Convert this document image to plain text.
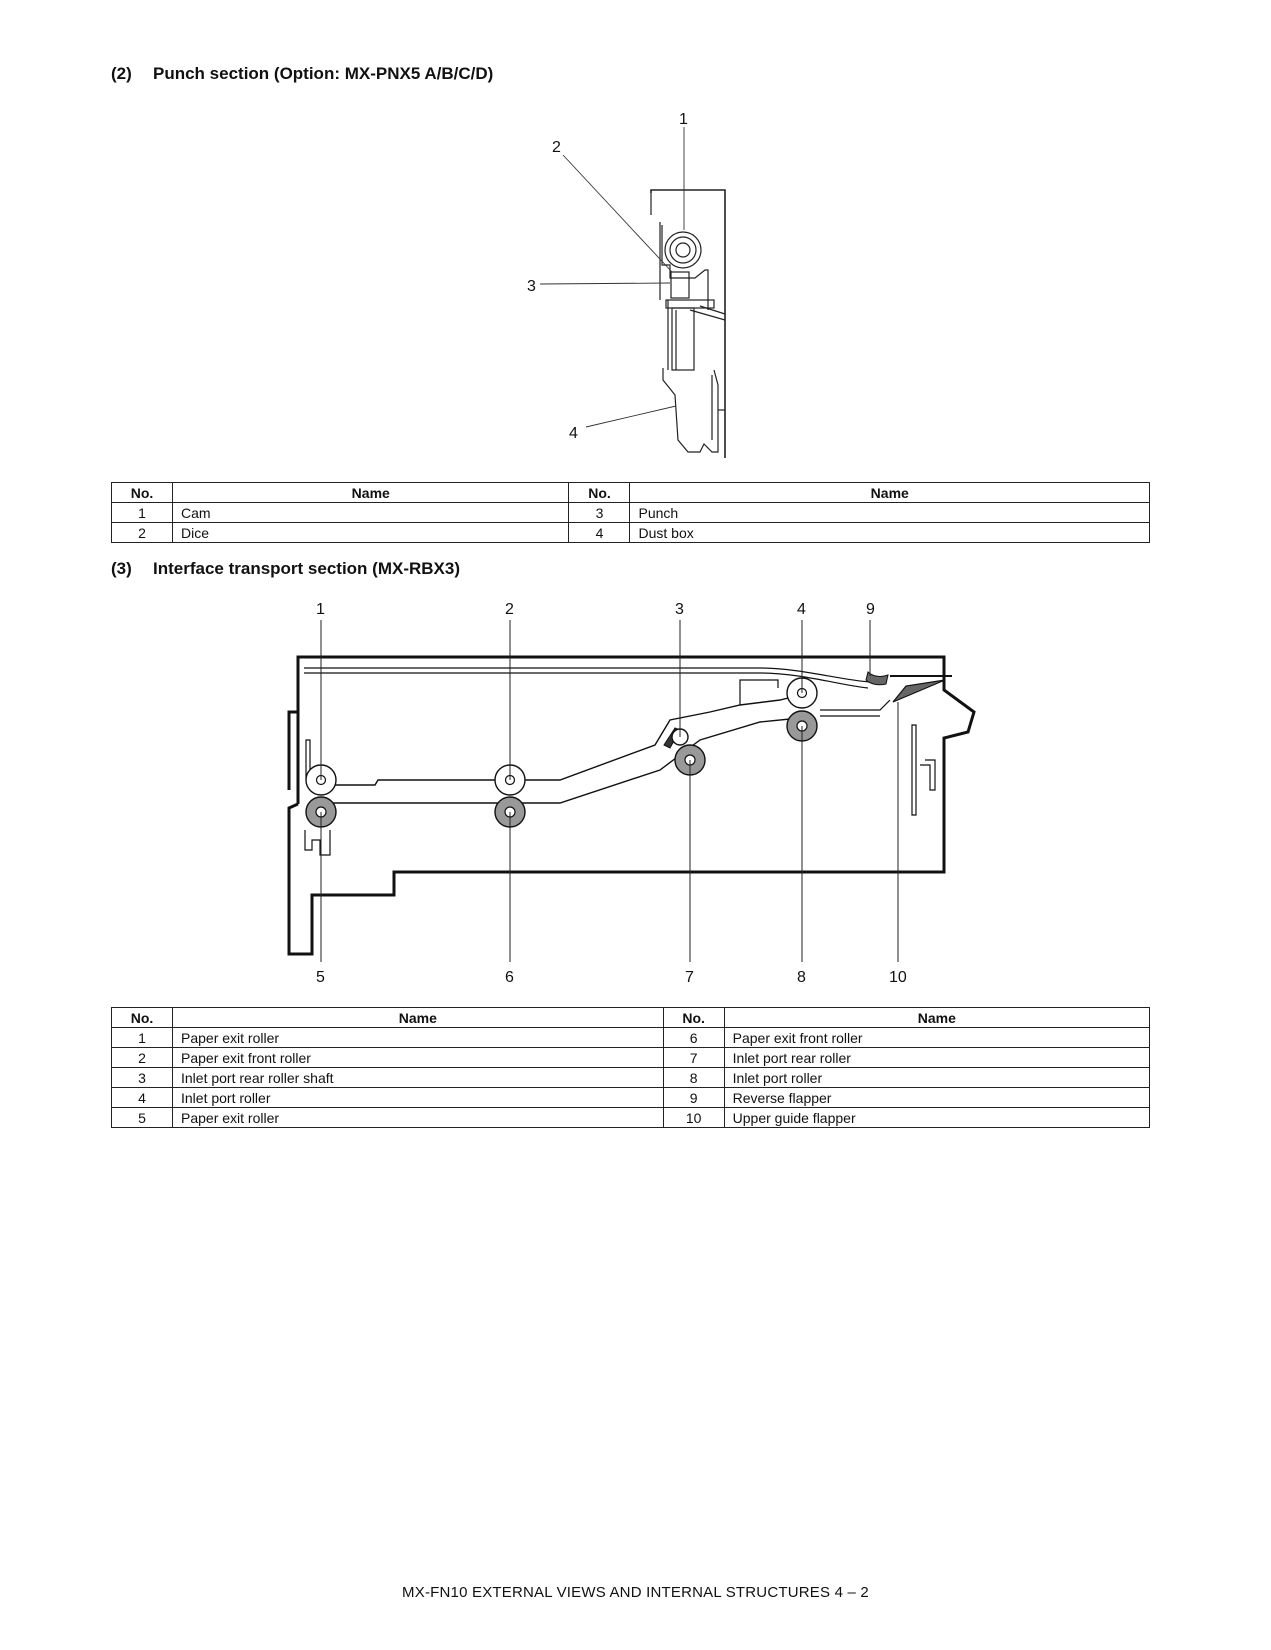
(2) Punch section (Option: MX-PNX5 A/B/C/D)
1
2
3
4
1	2	3	4	9
5	6	7	8	10
No.	Name	No.	Name
1	Cam	3	Punch
2	Dice	4	Dust box
(3) Interface transport section (MX-RBX3)
No.	Name	No.	Name
1	Paper exit roller	6	Paper exit front roller
2	Paper exit front roller	7	Inlet port rear roller
3	Inlet port rear roller shaft	8	Inlet port roller
4	Inlet port roller	9	Reverse flapper
5	Paper exit roller	10	Upper guide flapper
MX-FN10 EXTERNAL VIEWS AND INTERNAL STRUCTURES 4 – 2
